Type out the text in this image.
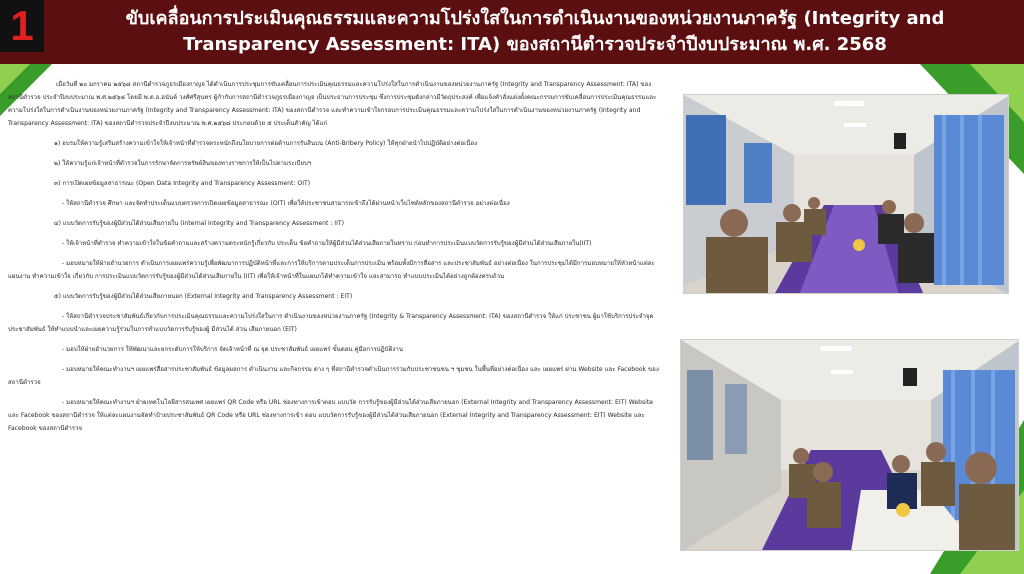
1	ขับเคลื่อนการประเมินคุณธรรมและความโปร่งใสในการดำเนินงานของหน่วยงานภาครัฐ (Integrity and
Transparency Assessment: ITA) ของสถานีตำรวจประจำปีงบประมาณ พ.ศ. 2568

เมื่อวันที่ ๒๐ มกราคม ๒๕๖๘ สถานีตำรวจภูธรเมืองกาญจ ได้ดำเนินการประชุมการขับเคลื่อนการประเมินคุณธรรมและความโปร่งใสในการดำเนินงานของหน่วยงานภาครัฐ (Integrity and Transparency Assessment: ITA) ของสถานีตำรวจ ประจำปีงบประมาณ พ.ศ.๒๕๖๘ โดยมี พ.ต.อ.อนันต์ วงศ์ศรีสุนทร ผู้กำกับการสถานีตำรวจภูธรเมืองกาญจ เป็นประธานการประชุม ซึ่งการประชุมดังกล่าวมีวัตถุประสงค์ เพื่อแจ้งคำสั่งแต่งตั้งคณะกรรมการขับเคลื่อนการประเมินคุณธรรมและความโปร่งใสในการดำเนินงานของหน่วยงานภาครัฐ (Integrity and Transparency Assessment: ITA) ของสถานีตำรวจ และทำความเข้าใจกรอบการประเมินคุณธรรมและความโปร่งใสในการดำเนินงานของหน่วยงานภาครัฐ (Integrity and Transparency Assessment: ITA) ของสถานีตำรวจประจำปีงบประมาณ พ.ศ.๒๕๖๘ ประกอบด้วย ๕ ประเด็นสำคัญ ได้แก่

๑) อบรมให้ความรู้เสริมสร้างความเข้าใจให้เจ้าหน้าที่ตำรวจตระหนักถึงนโยบายการต่อต้านการรับสินบน (Anti-Bribery Policy) ให้ทุกฝ่ายนำไปปฏิบัติอย่างต่อเนื่อง

๒) ให้ความรู้แก่เจ้าหน้าที่ตำรวจในการรักษาจัดการทรัพย์สินของทางราชการให้เป็นไปตามระเบียบฯ

๓) การเปิดเผยข้อมูลสาธารณะ (Open Data Integrity and Transparency Assessment: OIT)

- ให้สถานีตำรวจ ศึกษา และจัดทำประเด็นแบบตรวจการเปิดเผยข้อมูลสาธารณะ (OIT) เพื่อให้ประชาชนสามารถเข้าถึงได้ผ่านหน้าเว็บไซต์หลักของสถานีตำรวจ อย่างต่อเนื่อง

๔) แบบวัดการรับรู้ของผู้มีส่วนได้ส่วนเสียภายใน (Internal Integrity and Transparency Assessment : IIT)

- ให้เจ้าหน้าที่ตำรวจ ทำความเข้าใจในข้อคำถามและสร้างความตระหนักรู้เกี่ยวกับ ประเด็น ข้อคำถามให้ผู้มีส่วนได้ส่วนเสียภายในทราบ ก่อนทำการประเมินแบบวัดการรับรู้ของผู้มีส่วนได้ส่วนเสียภายใน(IIT)

- มอบหมายให้ฝ่ายอำนวยการ ดำเนินการเผยแพร่ความรู้เพื่อพัฒนาการปฏิบัติหน้าที่และการให้บริการตามประเด็นการประเมิน พร้อมทั้งมีการสื่อสาร และประชาสัมพันธ์ อย่างต่อเนื่อง ในการประชุมได้มีการมอบหมายให้หัวหน้าแต่ละแผนงาน ทำความเข้าใจ เกี่ยวกับ การประเมินแบบวัดการรับรู้ของผู้มีส่วนได้ส่วนเสียภายใน (IIT) เพื่อให้เจ้าหน้าที่ในแผนกได้ทำความเข้าใจ และสามารถ ทำแบบประเมินได้อย่างถูกต้องครบถ้วน

๕) แบบวัดการรับรู้ของผู้มีส่วนได้ส่วนเสียภายนอก (External Integrity and Transparency Assessment : EIT)

- ให้สถานีตำรวจประชาสัมพันธ์เกี่ยวกับการประเมินคุณธรรมและความโปร่งใสในการ ดำเนินงานของหน่วยงานภาครัฐ (Integrity & Transparency Assessment: ITA) ของสถานีตำรวจ ให้แก่ ประชาชน ผู้มาใช้บริการประจำจุดประชาสัมพันธ์ ให้ทำแบบนำและเผยความรู้ร่วมในการทำแบบวัดการรับรู้ของผู้ มีส่วนได้ ส่วน เสียภายนอก (EIT)

- มอบให้ฝ่ายอำนวยการ ให้พัฒนาและยกระดับการให้บริการ จัดเจ้าหน้าที่ ณ จุด ประชาสัมพันธ์ เผยแพร่ ขั้นตอน คู่มือการปฏิบัติงาน

- มอบหมายให้คณะทำงานฯ เผยแพร่สื่อสารประชาสัมพันธ์ ข้อมูลผลการ ดำเนินงาน และกิจกรรม ต่าง ๆ ที่สถานีตำรวจดำเนินการร่วมกับประชาชนชน ฯ ชุมชน ในพื้นที่อย่างต่อเนื่อง และ เผยแพร่ ผ่าน Website และ Facebook ของสถานีตำรวจ

- มอบหมายให้คณะทำงานฯ ฝ่ายเทคโนโลยีสารสนเทศ เผยแพร่ QR Code หรือ URL ช่องทางการเข้าตอบ แบบวัด การรับรู้ของผู้มีส่วนได้ส่วนเสียภายนอก (External Integrity and Transparency Assessment: EIT) Website และ Facebook ของสถานีตำรวจ ให้แต่ละแผนงานจัดทำป้ายประชาสัมพันธ์ QR Code หรือ URL ช่องทางการเข้า ตอบ แบบวัดการรับรู้ของผู้มีส่วนได้ส่วนเสียภายนอก (External Integrity and Transparency Assessment: EIT) Website และ Facebook ของสถานีตำรวจ
